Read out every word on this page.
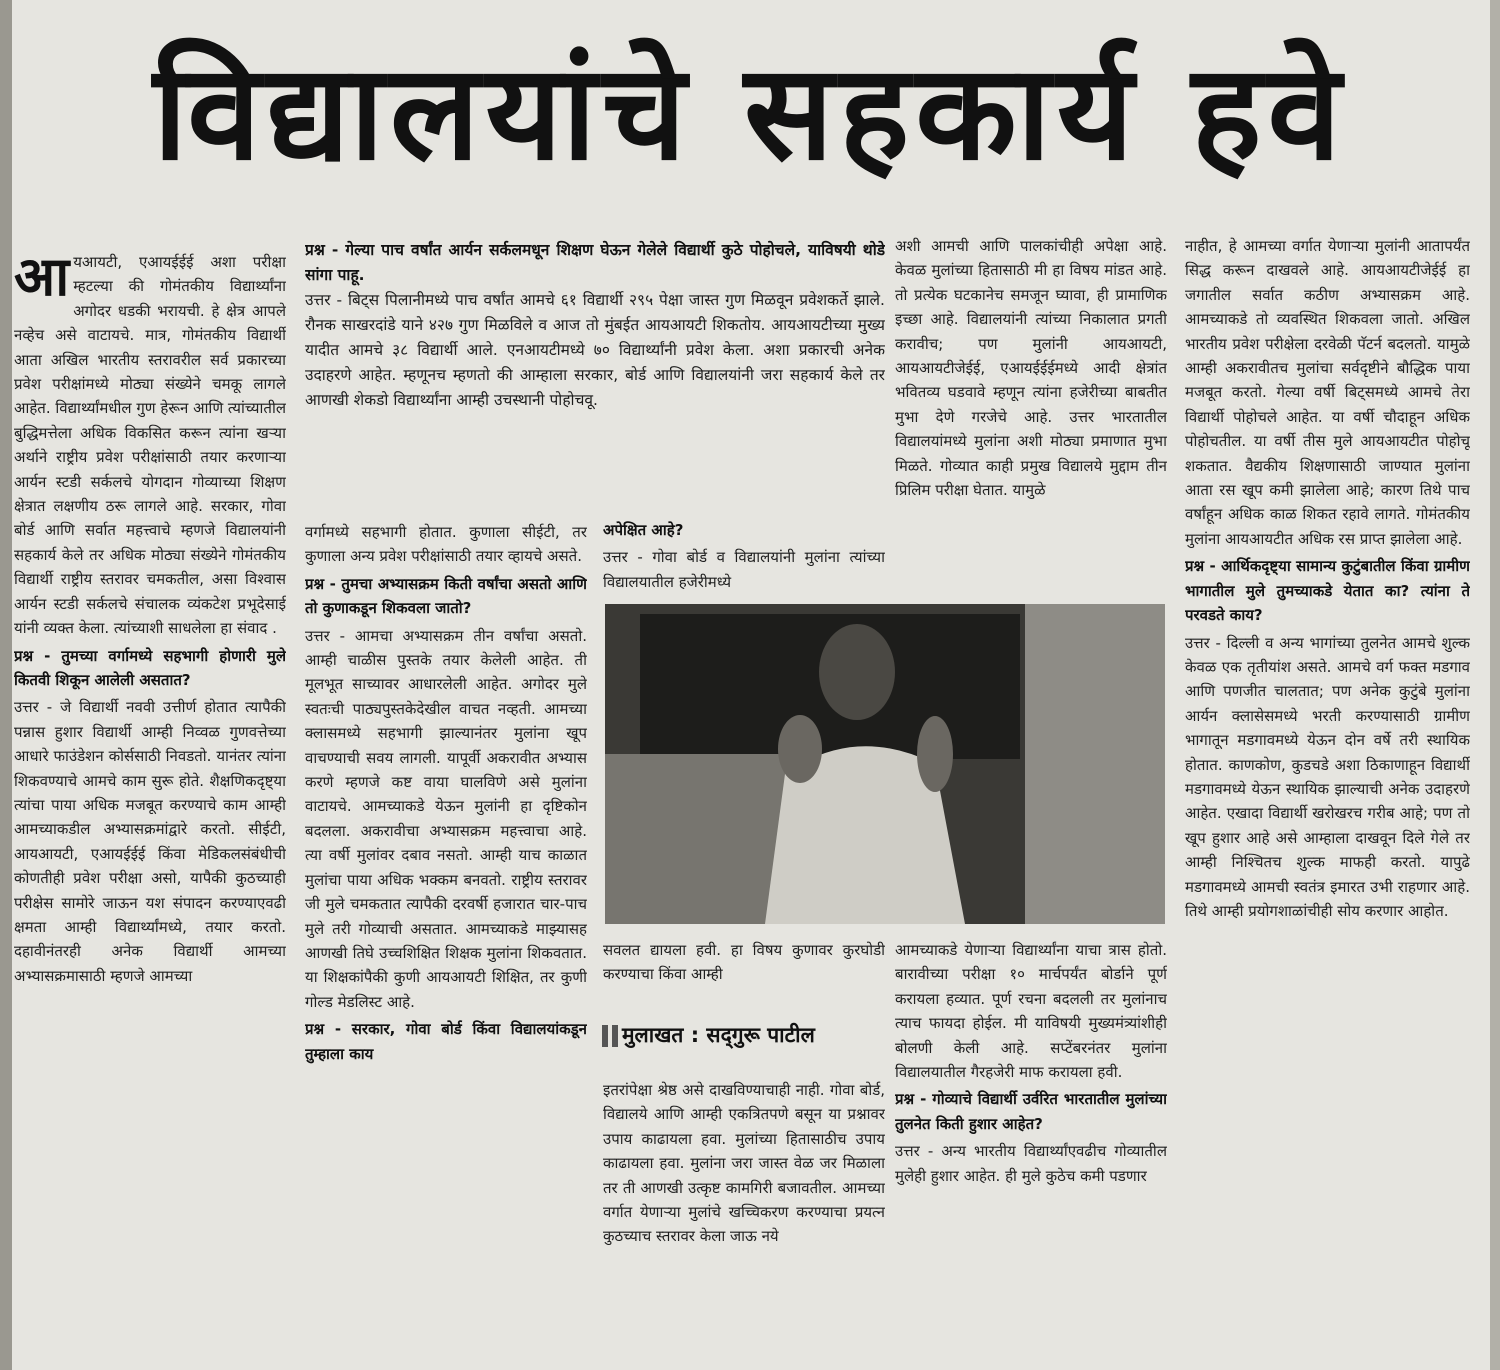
विद्यालयांचे सहकार्य हवे

आयआयटी, एआयईईई अशा परीक्षा म्हटल्या की गोमंतकीय विद्यार्थ्यांना अगोदर धडकी भरायची. हे क्षेत्र आपले नव्हेच असे वाटायचे. मात्र, गोमंतकीय विद्यार्थी आता अखिल भारतीय स्तरावरील सर्व प्रकारच्या प्रवेश परीक्षांमध्ये मोठ्या संख्येने चमकू लागले आहेत. विद्यार्थ्यांमधील गुण हेरून आणि त्यांच्यातील बुद्धिमत्तेला अधिक विकसित करून त्यांना खऱ्या अर्थाने राष्ट्रीय प्रवेश परीक्षांसाठी तयार करणाऱ्या आर्यन स्टडी सर्कलचे योगदान गोव्याच्या शिक्षण क्षेत्रात लक्षणीय ठरू लागले आहे. सरकार, गोवा बोर्ड आणि सर्वात महत्त्वाचे म्हणजे विद्यालयांनी सहकार्य केले तर अधिक मोठ्या संख्येने गोमंतकीय विद्यार्थी राष्ट्रीय स्तरावर चमकतील, असा विश्वास आर्यन स्टडी सर्कलचे संचालक व्यंकटेश प्रभूदेसाई यांनी व्यक्त केला. त्यांच्याशी साधलेला हा संवाद .

प्रश्न - तुमच्या वर्गामध्ये सहभागी होणारी मुले कितवी शिकून आलेली असतात?

उत्तर - जे विद्यार्थी नववी उत्तीर्ण होतात त्यापैकी पन्नास हुशार विद्यार्थी आम्ही निव्वळ गुणवत्तेच्या आधारे फाउंडेशन कोर्ससाठी निवडतो. यानंतर त्यांना शिकवण्याचे आमचे काम सुरू होते. शैक्षणिकदृष्ट्या त्यांचा पाया अधिक मजबूत करण्याचे काम आम्ही आमच्याकडील अभ्यासक्रमांद्वारे करतो. सीईटी, आयआयटी, एआयईईई किंवा मेडिकलसंबंधीची कोणतीही प्रवेश परीक्षा असो, यापैकी कुठच्याही परीक्षेस सामोरे जाऊन यश संपादन करण्याएवढी क्षमता आम्ही विद्यार्थ्यांमध्ये, तयार करतो. दहावीनंतरही अनेक विद्यार्थी आमच्या अभ्यासक्रमासाठी म्हणजे आमच्या

प्रश्न - गेल्या पाच वर्षांत आर्यन सर्कलमधून शिक्षण घेऊन गेलेले विद्यार्थी कुठे पोहोचले, याविषयी थोडे सांगा पाहू.

उत्तर - बिट्स पिलानीमध्ये पाच वर्षांत आमचे ६१ विद्यार्थी २९५ पेक्षा जास्त गुण मिळवून प्रवेशकर्ते झाले. रौनक साखरदांडे याने ४२७ गुण मिळविले व आज तो मुंबईत आयआयटी शिकतोय. आयआयटीच्या मुख्य यादीत आमचे ३८ विद्यार्थी आले. एनआयटीमध्ये ७० विद्यार्थ्यांनी प्रवेश केला. अशा प्रकारची अनेक उदाहरणे आहेत. म्हणूनच म्हणतो की आम्हाला सरकार, बोर्ड आणि विद्यालयांनी जरा सहकार्य केले तर आणखी शेकडो विद्यार्थ्यांना आम्ही उचस्थानी पोहोचवू.

वर्गामध्ये सहभागी होतात. कुणाला सीईटी, तर कुणाला अन्य प्रवेश परीक्षांसाठी तयार व्हायचे असते.

प्रश्न - तुमचा अभ्यासक्रम किती वर्षांचा असतो आणि तो कुणाकडून शिकवला जातो?

उत्तर - आमचा अभ्यासक्रम तीन वर्षांचा असतो. आम्ही चाळीस पुस्तके तयार केलेली आहेत. ती मूलभूत साच्यावर आधारलेली आहेत. अगोदर मुले स्वतःची पाठ्यपुस्तकेदेखील वाचत नव्हती. आमच्या क्लासमध्ये सहभागी झाल्यानंतर मुलांना खूप वाचण्याची सवय लागली. यापूर्वी अकरावीत अभ्यास करणे म्हणजे कष्ट वाया घालविणे असे मुलांना वाटायचे. आमच्याकडे येऊन मुलांनी हा दृष्टिकोन बदलला. अकरावीचा अभ्यासक्रम महत्त्वाचा आहे. त्या वर्षी मुलांवर दबाव नसतो. आम्ही याच काळात मुलांचा पाया अधिक भक्कम बनवतो. राष्ट्रीय स्तरावर जी मुले चमकतात त्यापैकी दरवर्षी हजारात चार-पाच मुले तरी गोव्याची असतात. आमच्याकडे माझ्यासह आणखी तिघे उच्चशिक्षित शिक्षक मुलांना शिकवतात. या शिक्षकांपैकी कुणी आयआयटी शिक्षित, तर कुणी गोल्ड मेडलिस्ट आहे.

प्रश्न - सरकार, गोवा बोर्ड किंवा विद्यालयांकडून तुम्हाला काय

अपेक्षित आहे?

उत्तर - गोवा बोर्ड व विद्यालयांनी मुलांना त्यांच्या विद्यालयातील हजेरीमध्ये

सवलत द्यायला हवी. हा विषय कुणावर कुरघोडी करण्याचा किंवा आम्ही

मुलाखत : सद्‌गुरू पाटील

इतरांपेक्षा श्रेष्ठ असे दाखविण्याचाही नाही. गोवा बोर्ड, विद्यालये आणि आम्ही एकत्रितपणे बसून या प्रश्नावर उपाय काढायला हवा. मुलांच्या हितासाठीच उपाय काढायला हवा. मुलांना जरा जास्त वेळ जर मिळाला तर ती आणखी उत्कृष्ट कामगिरी बजावतील. आमच्या वर्गात येणाऱ्या मुलांचे खच्चिकरण करण्याचा प्रयत्न कुठच्याच स्तरावर केला जाऊ नये

अशी आमची आणि पालकांचीही अपेक्षा आहे. केवळ मुलांच्या हितासाठी मी हा विषय मांडत आहे. तो प्रत्येक घटकानेच समजून घ्यावा, ही प्रामाणिक इच्छा आहे. विद्यालयांनी त्यांच्या निकालात प्रगती करावीच; पण मुलांनी आयआयटी, आयआयटीजेईई, एआयईईईमध्ये आदी क्षेत्रांत भवितव्य घडवावे म्हणून त्यांना हजेरीच्या बाबतीत मुभा देणे गरजेचे आहे. उत्तर भारतातील विद्यालयांमध्ये मुलांना अशी मोठ्या प्रमाणात मुभा मिळते. गोव्यात काही प्रमुख विद्यालये मुद्दाम तीन प्रिलिम परीक्षा घेतात. यामुळे

आमच्याकडे येणाऱ्या विद्यार्थ्यांना याचा त्रास होतो. बारावीच्या परीक्षा १० मार्चपर्यंत बोर्डाने पूर्ण करायला हव्यात. पूर्ण रचना बदलली तर मुलांनाच त्याच फायदा होईल. मी याविषयी मुख्यमंत्र्यांशीही बोलणी केली आहे. सप्टेंबरनंतर मुलांना विद्यालयातील गैरहजेरी माफ करायला हवी.

प्रश्न - गोव्याचे विद्यार्थी उर्वरित भारतातील मुलांच्या तुलनेत किती हुशार आहेत?

उत्तर - अन्य भारतीय विद्यार्थ्यांएवढीच गोव्यातील मुलेही हुशार आहेत. ही मुले कुठेच कमी पडणार

नाहीत, हे आमच्या वर्गात येणाऱ्या मुलांनी आतापर्यंत सिद्ध करून दाखवले आहे. आयआयटीजेईई हा जगातील सर्वात कठीण अभ्यासक्रम आहे. आमच्याकडे तो व्यवस्थित शिकवला जातो. अखिल भारतीय प्रवेश परीक्षेला दरवेळी पॅटर्न बदलतो. यामुळे आम्ही अकरावीतच मुलांचा सर्वदृष्टीने बौद्धिक पाया मजबूत करतो. गेल्या वर्षी बिट्समध्ये आमचे तेरा विद्यार्थी पोहोचले आहेत. या वर्षी चौदाहून अधिक पोहोचतील. या वर्षी तीस मुले आयआयटीत पोहोचू शकतात. वैद्यकीय शिक्षणासाठी जाण्यात मुलांना आता रस खूप कमी झालेला आहे; कारण तिथे पाच वर्षांहून अधिक काळ शिकत रहावे लागते. गोमंतकीय मुलांना आयआयटीत अधिक रस प्राप्त झालेला आहे.

प्रश्न - आर्थिकदृष्ट्या सामान्य कुटुंबातील किंवा ग्रामीण भागातील मुले तुमच्याकडे येतात का? त्यांना ते परवडते काय?

उत्तर - दिल्ली व अन्य भागांच्या तुलनेत आमचे शुल्क केवळ एक तृतीयांश असते. आमचे वर्ग फक्त मडगाव आणि पणजीत चालतात; पण अनेक कुटुंबे मुलांना आर्यन क्लासेसमध्ये भरती करण्यासाठी ग्रामीण भागातून मडगावमध्ये येऊन दोन वर्षे तरी स्थायिक होतात. काणकोण, कुडचडे अशा ठिकाणाहून विद्यार्थी मडगावमध्ये येऊन स्थायिक झाल्याची अनेक उदाहरणे आहेत. एखादा विद्यार्थी खरोखरच गरीब आहे; पण तो खूप हुशार आहे असे आम्हाला दाखवून दिले गेले तर आम्ही निश्चितच शुल्क माफही करतो. यापुढे मडगावमध्ये आमची स्वतंत्र इमारत उभी राहणार आहे. तिथे आम्ही प्रयोगशाळांचीही सोय करणार आहोत.
